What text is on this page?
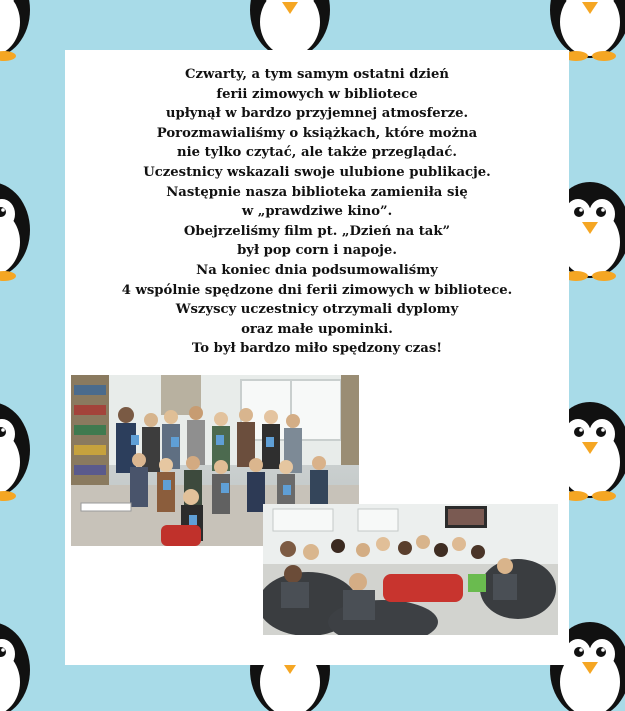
Czwarty, a tym samym ostatni dzień
ferii zimowych w bibliotece
upłynął w bardzo przyjemnej atmosferze.
Porozmawialiśmy o książkach, które można
nie tylko czytać, ale także przeglądać.
Uczestnicy wskazali swoje ulubione publikacje.
Następnie nasza biblioteka zamieniła się
w „prawdziwe kino”.
Obejrzeliśmy film pt. „Dzień na tak”
był pop corn i napoje.
Na koniec dnia podsumowaliśmy
4 wspólnie spędzone dni ferii zimowych w bibliotece.
Wszyscy uczestnicy otrzymali dyplomy
oraz małe upominki.
To był bardzo miło spędzony czas!
